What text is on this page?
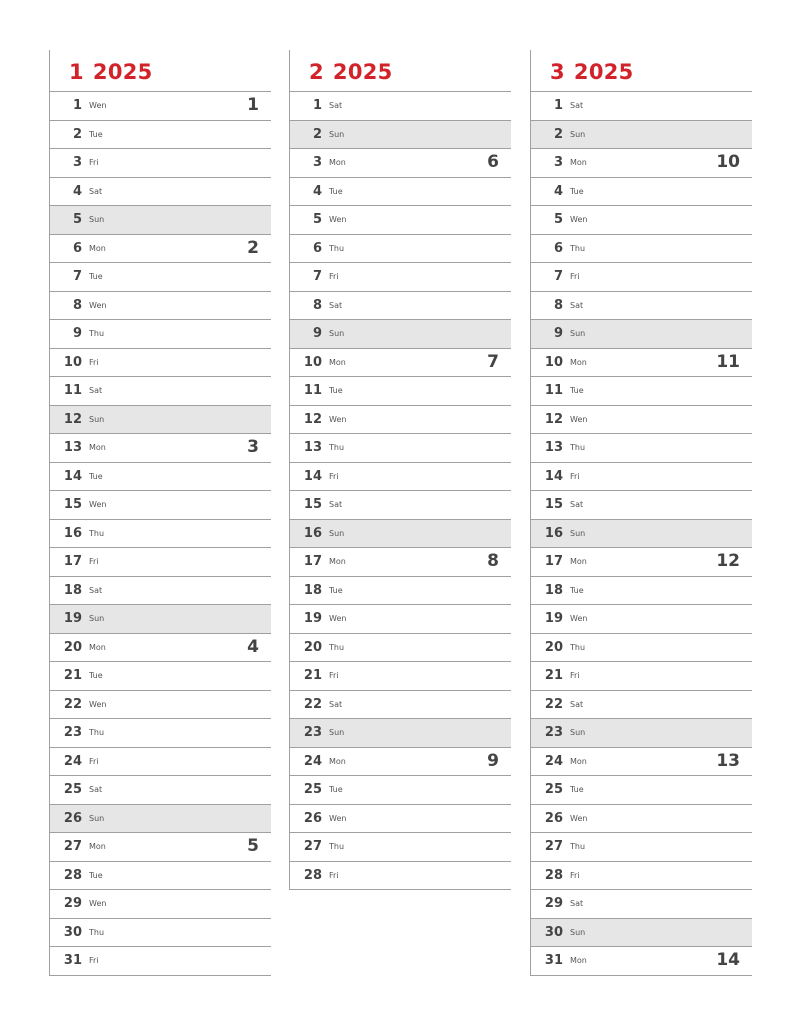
1 2025
1 Wen	1
2 Tue
3 Fri
4 Sat
5 Sun
6 Mon	2
7 Tue
8 Wen
9 Thu
10 Fri
11 Sat
12 Sun
13 Mon	3
14 Tue
15 Wen
16 Thu
17 Fri
18 Sat
19 Sun
20 Mon	4
21 Tue
22 Wen
23 Thu
24 Fri
25 Sat
26 Sun
27 Mon	5
28 Tue
29 Wen
30 Thu
31 Fri
2 2025
1 Sat
2 Sun
3 Mon	6
4 Tue
5 Wen
6 Thu
7 Fri
8 Sat
9 Sun
10 Mon	7
11 Tue
12 Wen
13 Thu
14 Fri
15 Sat
16 Sun
17 Mon	8
18 Tue
19 Wen
20 Thu
21 Fri
22 Sat
23 Sun
24 Mon	9
25 Tue
26 Wen
27 Thu
28 Fri
3 2025
1 Sat
2 Sun
3 Mon	10
4 Tue
5 Wen
6 Thu
7 Fri
8 Sat
9 Sun
10 Mon	11
11 Tue
12 Wen
13 Thu
14 Fri
15 Sat
16 Sun
17 Mon	12
18 Tue
19 Wen
20 Thu
21 Fri
22 Sat
23 Sun
24 Mon	13
25 Tue
26 Wen
27 Thu
28 Fri
29 Sat
30 Sun
31 Mon	14
